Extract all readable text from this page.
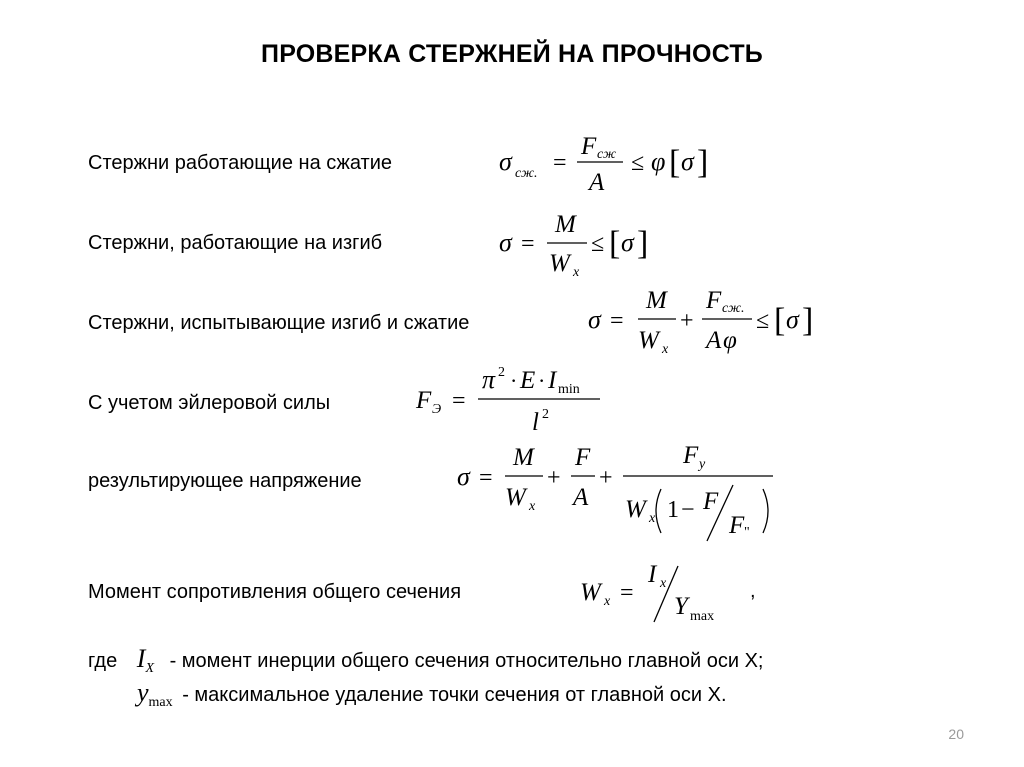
ПРОВЕРКА СТЕРЖНЕЙ НА ПРОЧНОСТЬ
Стержни работающие на сжатие	σ сж. =
F сж
A
≤ φ [ σ ]
Стержни, работающие на изгиб	σ =
M
W x
≤ [ σ ]
Стержни, испытывающие изгиб и сжатие	σ =
M
W x
+
F сж.
A φ
≤ [ σ ]
С учетом эйлеровой силы	F Э =
π 2 · E · I min
l 2
результирующее напряжение	σ =
M
W x
+
F
A
+
F y
W x 1 − F
F "
Момент сопротивления общего сечения	W x =
I x
Y max
,
где $I_X$ - момент инерции общего сечения относительно главной оси X;
$y_{max}$ - максимальное удаление точки сечения от главной оси X.
20
